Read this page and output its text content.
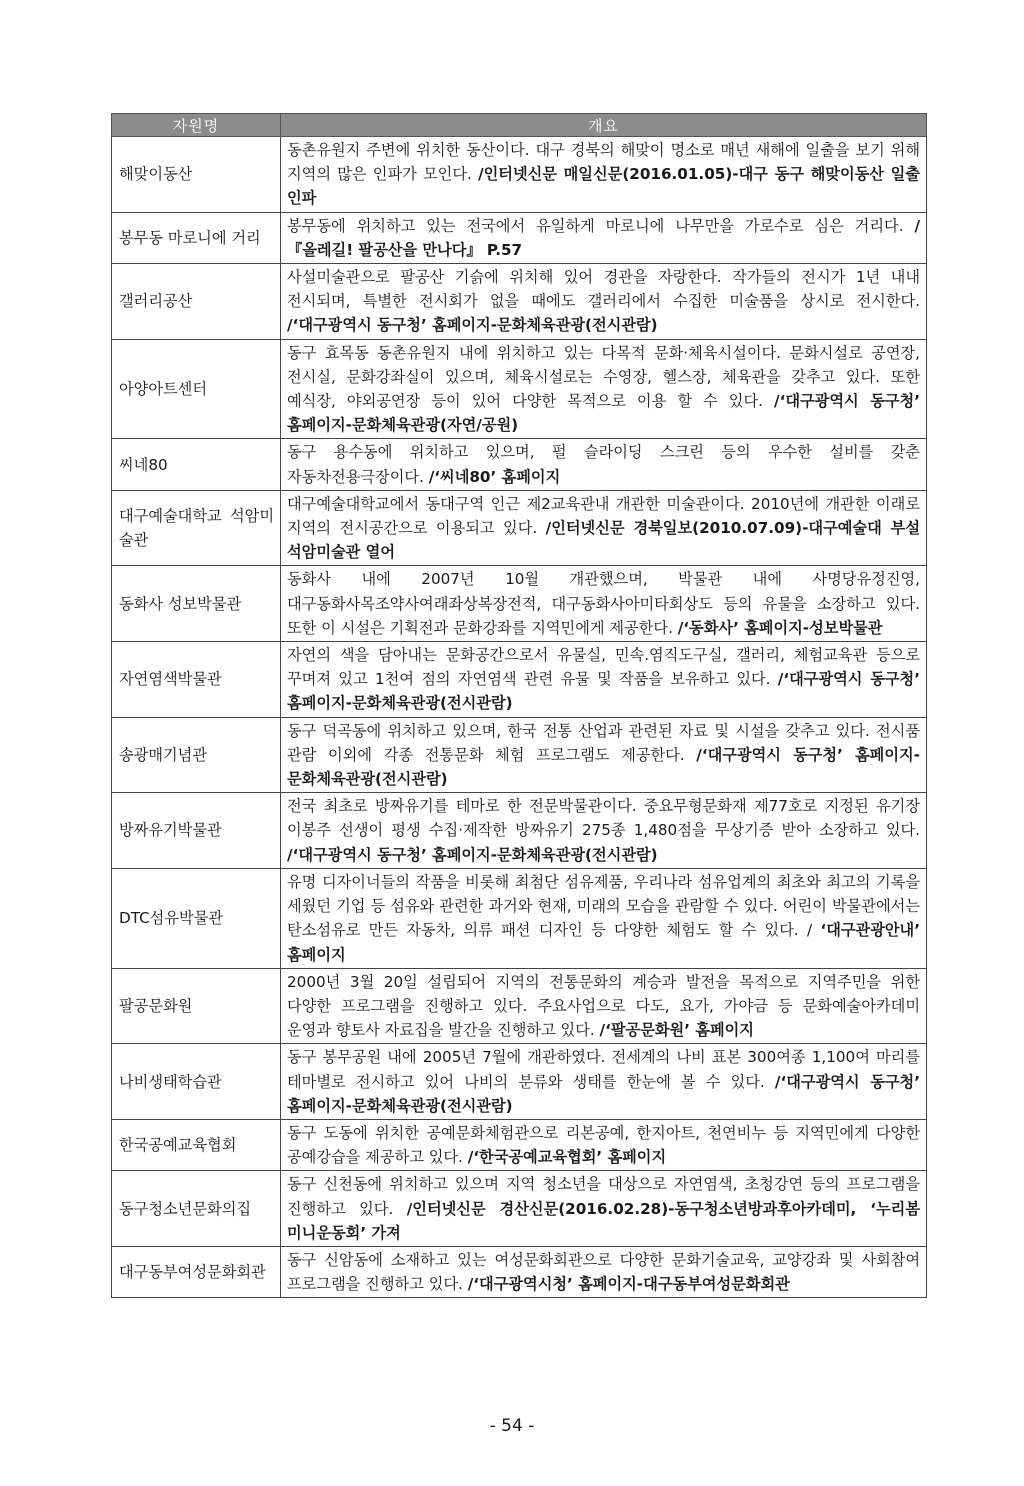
자원명	개요
해맞이동산	동촌유원지 주변에 위치한 동산이다. 대구 경북의 해맞이 명소로 매년 새해에 일출을 보기 위해 지역의 많은 인파가 모인다. /인터넷신문 매일신문(2016.01.05)-대구 동구 해맞이동산 일출 인파
봉무동 마로니에 거리	봉무동에 위치하고 있는 전국에서 유일하게 마로니에 나무만을 가로수로 심은 거리다. /『올레길! 팔공산을 만나다』 P.57
갤러리공산	사설미술관으로 팔공산 기슭에 위치해 있어 경관을 자랑한다. 작가들의 전시가 1년 내내 전시되며, 특별한 전시회가 없을 때에도 갤러리에서 수집한 미술품을 상시로 전시한다. /‘대구광역시 동구청’ 홈페이지-문화체육관광(전시관람)
아양아트센터	동구 효목동 동촌유원지 내에 위치하고 있는 다목적 문화·체육시설이다. 문화시설로 공연장, 전시실, 문화강좌실이 있으며, 체육시설로는 수영장, 헬스장, 체육관을 갖추고 있다. 또한 예식장, 야외공연장 등이 있어 다양한 목적으로 이용 할 수 있다. /‘대구광역시 동구청’ 홈페이지-문화체육관광(자연/공원)
씨네80	동구 용수동에 위치하고 있으며, 펄 슬라이딩 스크린 등의 우수한 설비를 갖춘 자동차전용극장이다. /‘씨네80’ 홈페이지
대구예술대학교 석암미술관	대구예술대학교에서 동대구역 인근 제2교육관내 개관한 미술관이다. 2010년에 개관한 이래로 지역의 전시공간으로 이용되고 있다. /인터넷신문 경북일보(2010.07.09)-대구예술대 부설 석암미술관 열어
동화사 성보박물관	동화사 내에 2007년 10월 개관했으며, 박물관 내에 사명당유정진영, 대구동화사목조약사여래좌상복장전적, 대구동화사아미타회상도 등의 유물을 소장하고 있다. 또한 이 시설은 기획전과 문화강좌를 지역민에게 제공한다. /‘동화사’ 홈페이지-성보박물관
자연염색박물관	자연의 색을 담아내는 문화공간으로서 유물실, 민속.염직도구실, 갤러리, 체험교육관 등으로 꾸며져 있고 1천여 점의 자연염색 관련 유물 및 작품을 보유하고 있다. /‘대구광역시 동구청’ 홈페이지-문화체육관광(전시관람)
송광매기념관	동구 덕곡동에 위치하고 있으며, 한국 전통 산업과 관련된 자료 및 시설을 갖추고 있다. 전시품 관람 이외에 각종 전통문화 체험 프로그램도 제공한다. /‘대구광역시 동구청’ 홈페이지-문화체육관광(전시관람)
방짜유기박물관	전국 최초로 방짜유기를 테마로 한 전문박물관이다. 중요무형문화재 제77호로 지정된 유기장 이봉주 선생이 평생 수집·제작한 방짜유기 275종 1,480점을 무상기증 받아 소장하고 있다. /‘대구광역시 동구청’ 홈페이지-문화체육관광(전시관람)
DTC섬유박물관	유명 디자이너들의 작품을 비롯해 최첨단 섬유제품, 우리나라 섬유업계의 최초와 최고의 기록을 세웠던 기업 등 섬유와 관련한 과거와 현재, 미래의 모습을 관람할 수 있다. 어린이 박물관에서는 탄소섬유로 만든 자동차, 의류 패션 디자인 등 다양한 체험도 할 수 있다. / ‘대구관광안내’ 홈페이지
팔공문화원	2000년 3월 20일 설립되어 지역의 전통문화의 계승과 발전을 목적으로 지역주민을 위한 다양한 프로그램을 진행하고 있다. 주요사업으로 다도, 요가, 가야금 등 문화예술아카데미 운영과 향토사 자료집을 발간을 진행하고 있다. /‘팔공문화원’ 홈페이지
나비생태학습관	동구 봉무공원 내에 2005년 7월에 개관하였다. 전세계의 나비 표본 300여종 1,100여 마리를 테마별로 전시하고 있어 나비의 분류와 생태를 한눈에 볼 수 있다. /‘대구광역시 동구청’ 홈페이지-문화체육관광(전시관람)
한국공예교육협회	동구 도동에 위치한 공예문화체험관으로 리본공예, 한지아트, 천연비누 등 지역민에게 다양한 공예강습을 제공하고 있다. /‘한국공예교육협회’ 홈페이지
동구청소년문화의집	동구 신천동에 위치하고 있으며 지역 청소년을 대상으로 자연염색, 초청강연 등의 프로그램을 진행하고 있다. /인터넷신문 경산신문(2016.02.28)-동구청소년방과후아카데미, ‘누리봄 미니운동회’ 가져
대구동부여성문화회관	동구 신암동에 소재하고 있는 여성문화회관으로 다양한 문화기술교육, 교양강좌 및 사회참여 프로그램을 진행하고 있다. /‘대구광역시청’ 홈페이지-대구동부여성문화회관
- 54 -
